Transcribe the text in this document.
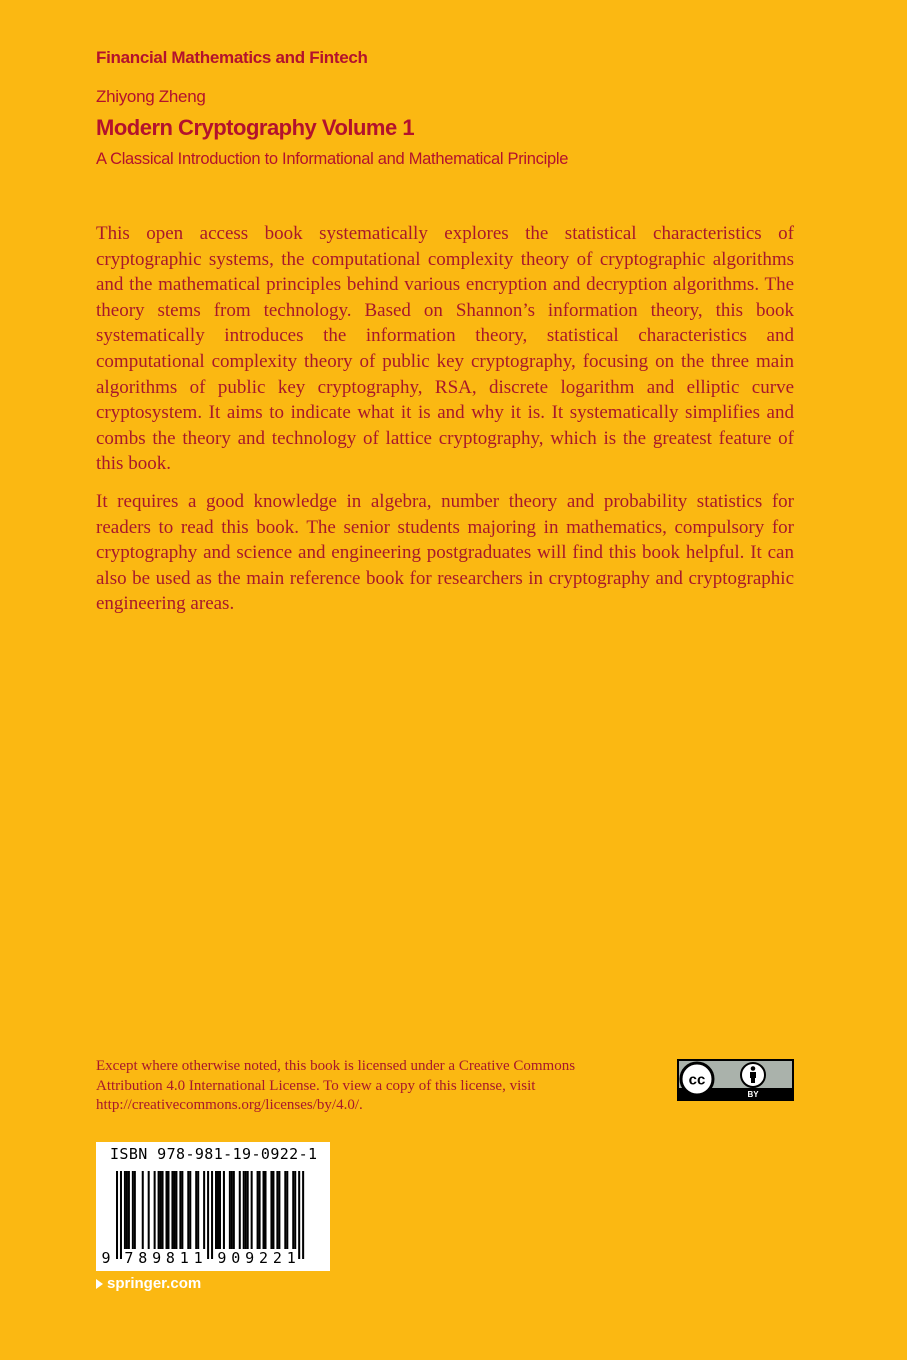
Financial Mathematics and Fintech
Zhiyong Zheng
Modern Cryptography Volume 1
A Classical Introduction to Informational and Mathematical Principle
This open access book systematically explores the statistical characteristics of cryptographic systems, the computational complexity theory of cryptographic algorithms and the mathematical principles behind various encryption and decryption algorithms. The theory stems from technology. Based on Shannon’s information theory, this book systematically introduces the information theory, statistical characteristics and computational complexity theory of public key cryptography, focusing on the three main algorithms of public key cryptography, RSA, discrete logarithm and elliptic curve cryptosystem. It aims to indicate what it is and why it is. It systematically simplifies and combs the theory and technology of lattice cryptography, which is the greatest feature of this book.
It requires a good knowledge in algebra, number theory and probability statistics for readers to read this book. The senior students majoring in mathematics, compulsory for cryptography and science and engineering postgraduates will find this book helpful. It can also be used as the main reference book for researchers in cryptography and cryptographic engineering areas.
Except where otherwise noted, this book is licensed under a Creative Commons Attribution 4.0 International License. To view a copy of this license, visit http://creativecommons.org/licenses/by/4.0/.
cc
BY
ISBN 978-981-19-0922-1
9 7 8 9 8 1 1 9 0 9 2 2 1
springer.com
